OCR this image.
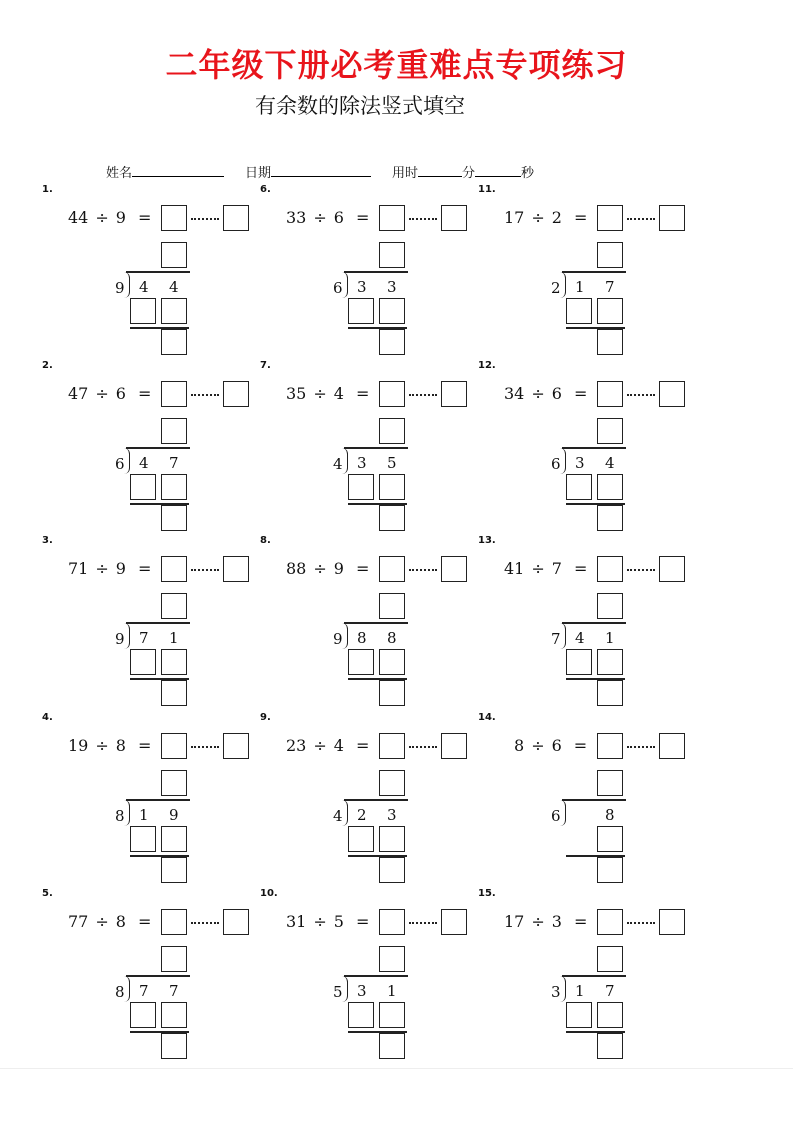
二年级下册必考重难点专项练习
有余数的除法竖式填空
姓名	日期	用时	分	秒
1.
44 ÷ 9 =
9 4 4
2.
47 ÷ 6 =
6 4 7
3.
71 ÷ 9 =
9 7 1
4.
19 ÷ 8 =
8 1 9
5.
77 ÷ 8 =
8 7 7
6.
33 ÷ 6 =
6 3 3
7.
35 ÷ 4 =
4 3 5
8.
88 ÷ 9 =
9 8 8
9.
23 ÷ 4 =
4 2 3
10.
31 ÷ 5 =
5 3 1
11.
17 ÷ 2 =
2 1 7
12.
34 ÷ 6 =
6 3 4
13.
41 ÷ 7 =
7 4 1
14.
8 ÷ 6 =
6	8
15.
17 ÷ 3 =
3 1 7
